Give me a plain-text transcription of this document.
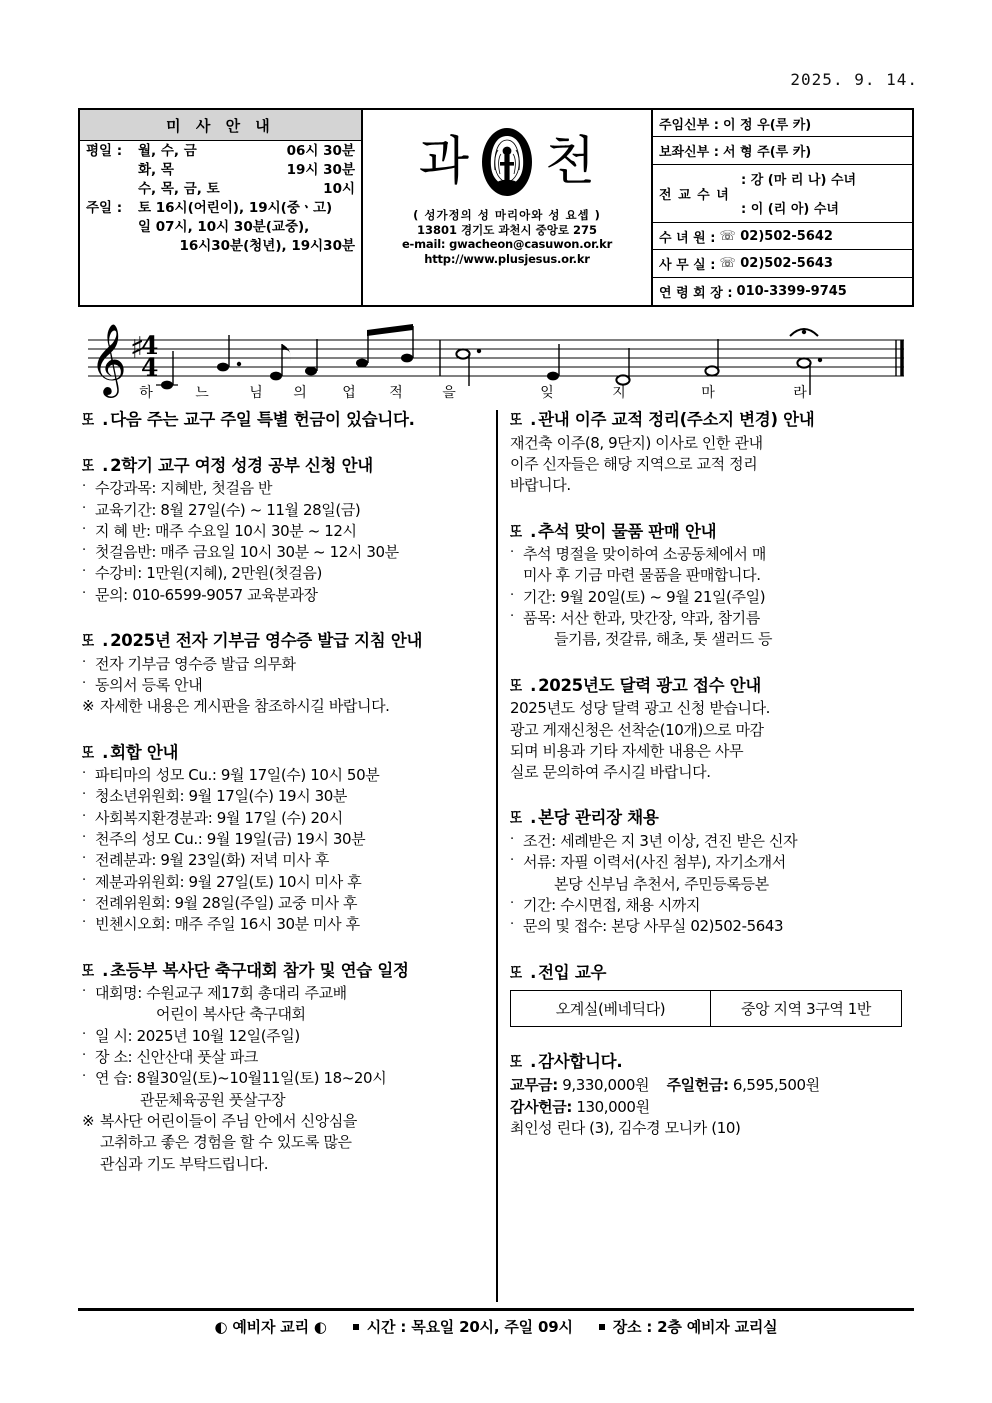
2025. 9. 14.
미 사 안 내
평일 :	월, 수, 금	06시 30분
화, 목	19시 30분
수, 목, 금, 토	10시
주일 :	토 16시(어린이), 19시(중ㆍ고)
일 07시, 10시 30분(교중),
16시30분(청년), 19시30분
과 천
( 성가정의 성 마리아와 성 요셉 )
13801 경기도 과천시 중앙로 275
e-mail: gwacheon@casuwon.or.kr
http://www.plusjesus.or.kr
주임신부 : 이 정 우(루 카)
보좌신부 : 서 형 주(루 카)
전 교 수 녀
: 강 (마 리 나) 수녀
: 이 (리 아) 수녀
수 녀 원 : ☏ 02)502-5642
사 무 실 : ☏ 02)502-5643
연 령 회 장 : 010-3399-9745
𝄞 ♯
4
4
하	느	님 의	업 적	을	잊	지	마	라
또 . 다음 주는 교구 주일 특별 헌금이 있습니다.
또 . 2학기 교구 여정 성경 공부 신청 안내
· 수강과목: 지혜반, 첫걸음 반
· 교육기간: 8월 27일(수) ~ 11월 28일(금)
· 지 혜 반: 매주 수요일 10시 30분 ~ 12시
· 첫걸음반: 매주 금요일 10시 30분 ~ 12시 30분
· 수강비: 1만원(지혜), 2만원(첫걸음)
· 문의: 010-6599-9057 교육분과장
또 . 2025년 전자 기부금 영수증 발급 지침 안내
· 전자 기부금 영수증 발급 의무화
· 동의서 등록 안내
※ 자세한 내용은 게시판을 참조하시길 바랍니다.
또 . 회합 안내
· 파티마의 성모 Cu.: 9월 17일(수) 10시 50분
· 청소년위원회: 9월 17일(수) 19시 30분
· 사회복지환경분과: 9월 17일 (수) 20시
· 천주의 성모 Cu.: 9월 19일(금) 19시 30분
· 전례분과: 9월 23일(화) 저녁 미사 후
· 제분과위원회: 9월 27일(토) 10시 미사 후
· 전례위원회: 9월 28일(주일) 교중 미사 후
· 빈첸시오회: 매주 주일 16시 30분 미사 후
또 . 초등부 복사단 축구대회 참가 및 연습 일정
· 대회명: 수원교구 제17회 총대리 주교배
어린이 복사단 축구대회
· 일 시: 2025년 10월 12일(주일)
· 장 소: 신안산대 풋살 파크
· 연 습: 8월30일(토)~10월11일(토) 18~20시
관문체육공원 풋살구장
※ 복사단 어린이들이 주님 안에서 신앙심을
고취하고 좋은 경험을 할 수 있도록 많은
관심과 기도 부탁드립니다.
또 . 관내 이주 교적 정리(주소지 변경) 안내
재건축 이주(8, 9단지) 이사로 인한 관내
이주 신자들은 해당 지역으로 교적 정리
바랍니다.
또 . 추석 맞이 물품 판매 안내
· 추석 명절을 맞이하여 소공동체에서 매
미사 후 기금 마련 물품을 판매합니다.
· 기간: 9월 20일(토) ~ 9월 21일(주일)
· 품목: 서산 한과, 맛간장, 약과, 참기름
들기름, 젓갈류, 해초, 톳 샐러드 등
또 . 2025년도 달력 광고 접수 안내
2025년도 성당 달력 광고 신청 받습니다.
광고 게재신청은 선착순(10개)으로 마감
되며 비용과 기타 자세한 내용은 사무
실로 문의하여 주시길 바랍니다.
또 . 본당 관리장 채용
· 조건: 세례받은 지 3년 이상, 견진 받은 신자
· 서류: 자필 이력서(사진 첨부), 자기소개서
본당 신부님 추천서, 주민등록등본
· 기간: 수시면접, 채용 시까지
· 문의 및 접수: 본당 사무실 02)502-5643
또 . 전입 교우
오계실(베네딕다)	중앙 지역 3구역 1반
또 . 감사합니다.
교무금: 9,330,000원 주일헌금: 6,595,500원
감사헌금: 130,000원
최인성 린다 (3), 김수경 모니카 (10)
◐ 예비자 교리 ◐	시간 : 목요일 20시, 주일 09시	장소 : 2층 예비자 교리실
